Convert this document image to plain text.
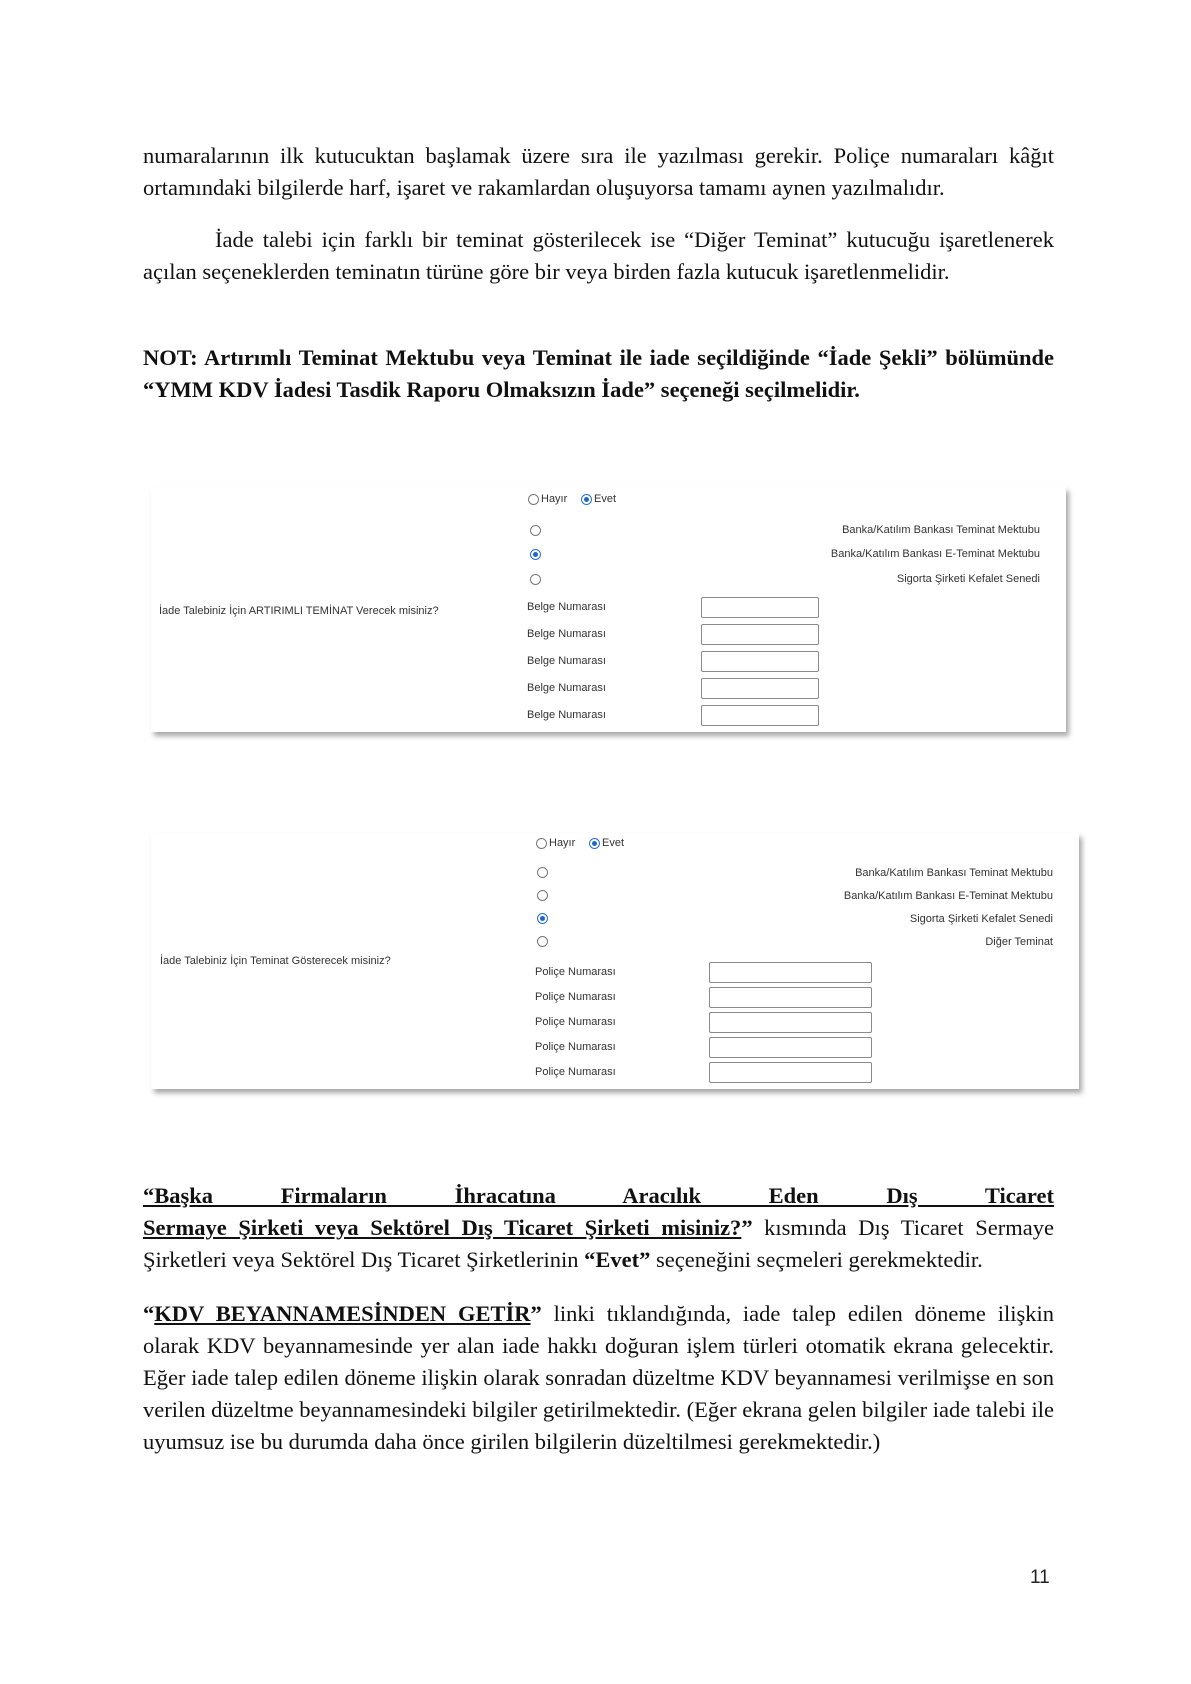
numaralarının ilk kutucuktan başlamak üzere sıra ile yazılması gerekir. Poliçe numaraları kâğıt ortamındaki bilgilerde harf, işaret ve rakamlardan oluşuyorsa tamamı aynen yazılmalıdır.

İade talebi için farklı bir teminat gösterilecek ise “Diğer Teminat” kutucuğu işaretlenerek açılan seçeneklerden teminatın türüne göre bir veya birden fazla kutucuk işaretlenmelidir.

NOT: Artırımlı Teminat Mektubu veya Teminat ile iade seçildiğinde “İade Şekli” bölümünde “YMM KDV İadesi Tasdik Raporu Olmaksızın İade” seçeneği seçilmelidir.

Hayır Evet
Banka/Katılım Bankası Teminat Mektubu
Banka/Katılım Bankası E-Teminat Mektubu
Sigorta Şirketi Kefalet Senedi
İade Talebiniz İçin ARTIRIMLI TEMİNAT Verecek misiniz?	Belge Numarası
Belge Numarası
Belge Numarası
Belge Numarası
Belge Numarası
Hayır Evet
Banka/Katılım Bankası Teminat Mektubu
Banka/Katılım Bankası E-Teminat Mektubu
Sigorta Şirketi Kefalet Senedi
Diğer Teminat
İade Talebiniz İçin Teminat Gösterecek misiniz?
Poliçe Numarası
Poliçe Numarası
Poliçe Numarası
Poliçe Numarası
Poliçe Numarası

“Başka Firmaların İhracatına Aracılık Eden Dış Ticaret
Sermaye Şirketi veya Sektörel Dış Ticaret Şirketi misiniz?” kısmında Dış Ticaret Sermaye Şirketleri veya Sektörel Dış Ticaret Şirketlerinin “Evet” seçeneğini seçmeleri gerekmektedir.

“KDV BEYANNAMESİNDEN GETİR” linki tıklandığında, iade talep edilen döneme ilişkin olarak KDV beyannamesinde yer alan iade hakkı doğuran işlem türleri otomatik ekrana gelecektir. Eğer iade talep edilen döneme ilişkin olarak sonradan düzeltme KDV beyannamesi verilmişse en son verilen düzeltme beyannamesindeki bilgiler getirilmektedir. (Eğer ekrana gelen bilgiler iade talebi ile uyumsuz ise bu durumda daha önce girilen bilgilerin düzeltilmesi gerekmektedir.)

11
